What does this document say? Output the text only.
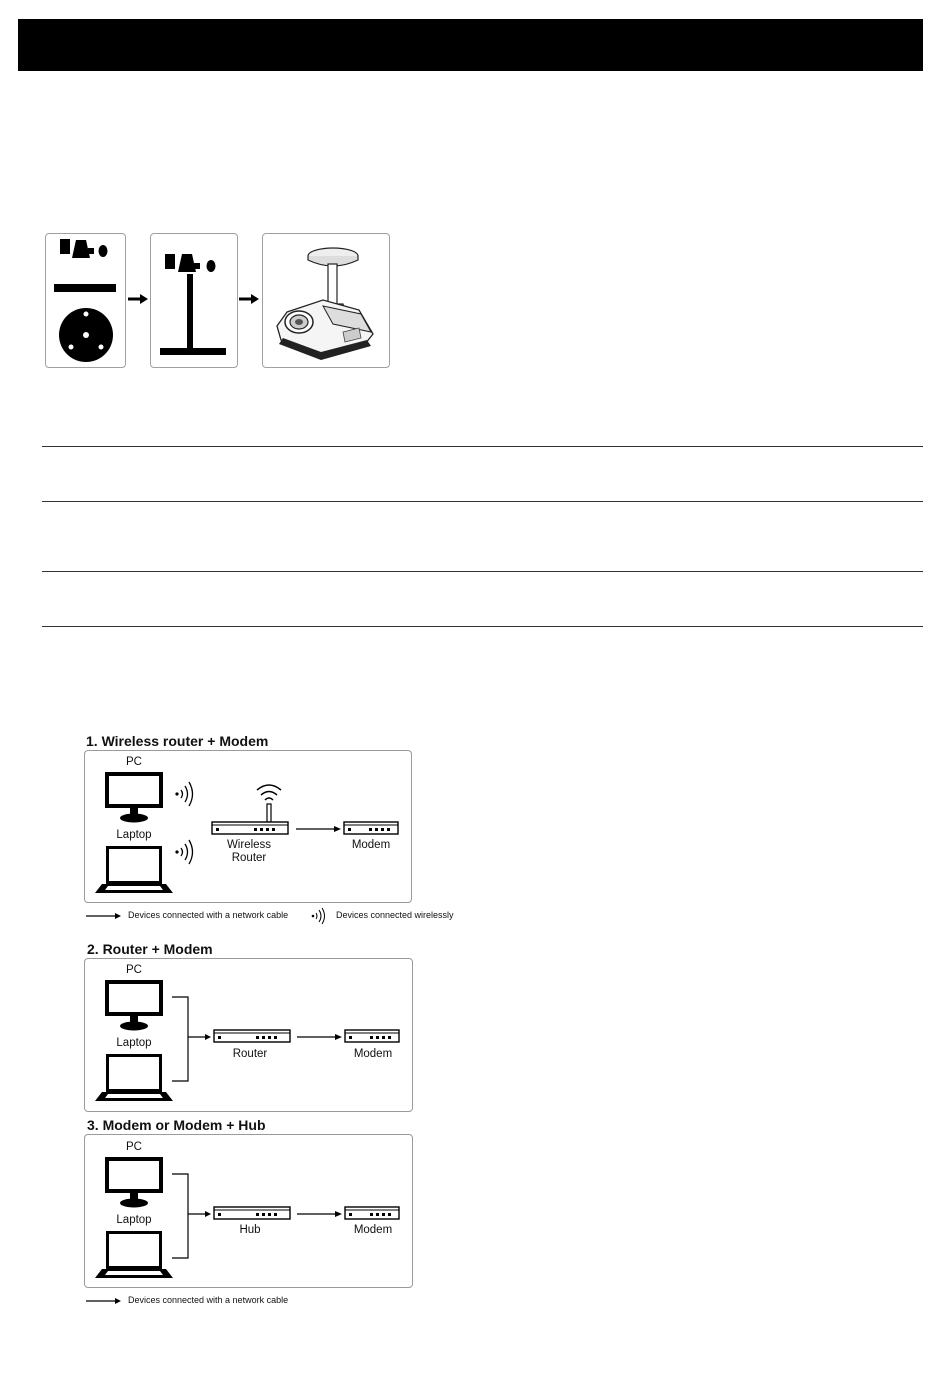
1. Wireless router + Modem
PC
Laptop
Wireless
Router
Modem
Devices connected with a network cable	Devices connected wirelessly
2. Router + Modem
PC
Laptop
Router	Modem
3. Modem or Modem + Hub
PC
Laptop
Hub	Modem
Devices connected with a network cable
